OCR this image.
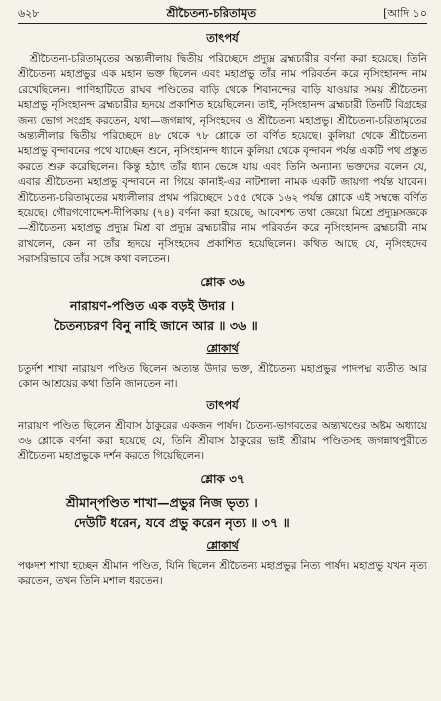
৬২৮	শ্রীচৈতন্য-চরিতামৃত	[আদি ১০
তাৎপর্য

শ্রীচৈতন্য-চরিতামৃতের অন্ত্যলীলায় দ্বিতীয় পরিচ্ছেদে প্রদ্যুম্ন ব্রহ্মচারীর বর্ণনা করা হয়েছে। তিনি শ্রীচৈতন্য মহাপ্রভুর এক মহান ভক্ত ছিলেন এবং মহাপ্রভু তাঁর নাম পরিবর্তন করে নৃসিংহানন্দ নাম রেখেছিলেন। পাণিহাটিতে রাঘব পণ্ডিতের বাড়ি থেকে শিবানন্দের বাড়ি যাওয়ার সময় শ্রীচৈতন্য মহাপ্রভু নৃসিংহানন্দ ব্রহ্মচারীর হৃদয়ে প্রকাশিত হয়েছিলেন। তাই, নৃসিংহানন্দ ব্রহ্মচারী তিনটি বিগ্রহের জন্য ভোগ সংগ্রহ করতেন, যথা—জগন্নাথ, নৃসিংহদেব ও শ্রীচৈতন্য মহাপ্রভু। শ্রীচৈতন্য-চরিতামৃতের অন্ত্যলীলার দ্বিতীয় পরিচ্ছেদে ৪৮ থেকে ৭৮ শ্লোকে তা বর্ণিত হয়েছে। কুলিয়া থেকে শ্রীচৈতন্য মহাপ্রভু বৃন্দাবনের পথে যাচ্ছেন শুনে, নৃসিংহানন্দ ধ্যানে কুলিয়া থেকে বৃন্দাবন পর্যন্ত একটি পথ প্রস্তুত করতে শুরু করেছিলেন। কিন্তু হঠাৎ তাঁর ধ্যান ভেঙ্গে যায় এবং তিনি অন্যান্য ভক্তদের বলেন যে, এবার শ্রীচৈতন্য মহাপ্রভু বৃন্দাবনে না গিয়ে কানাই-এর নাটশালা নামক একটি জায়গা পর্যন্ত যাবেন। শ্রীচৈতন্য-চরিতামৃতের মধ্যলীলার প্রথম পরিচ্ছেদে ১৫৫ থেকে ১৬২ পর্যন্ত শ্লোকে এই সম্বন্ধে বর্ণিত হয়েছে। গৌরগণোদ্দেশ-দীপিকায় (৭৪) বর্ণনা করা হয়েছে, আবেশশ্চ তথা জ্ঞেয়ো মিশ্রে প্রদ্যুম্নসজ্ঞকে—শ্রীচৈতন্য মহাপ্রভু প্রদ্যুম্ন মিশ্র বা প্রদ্যুম্ন ব্রহ্মচারীর নাম পরিবর্তন করে নৃসিংহানন্দ ব্রহ্মচারী নাম রাখলেন, কেন না তাঁর হৃদয়ে নৃসিংহদেব প্রকাশিত হয়েছিলেন। কথিত আছে যে, নৃসিংহদেব সরাসরিভাবে তাঁর সঙ্গে কথা বলতেন।

শ্লোক ৩৬
নারায়ণ-পণ্ডিত এক বড়ই উদার ।
চৈতন্যচরণ বিনু নাহি জানে আর ॥ ৩৬ ॥
শ্লোকার্থ

চতুর্দশ শাখা নারায়ণ পণ্ডিত ছিলেন অত্যন্ত উদার ভক্ত, শ্রীচৈতন্য মহাপ্রভুর পাদপদ্ম ব্যতীত আর কোন আশ্রয়ের কথা তিনি জানতেন না।

তাৎপর্য

নারায়ণ পণ্ডিত ছিলেন শ্রীবাস ঠাকুরের একজন পার্ষদ। চৈতন্য-ভাগবতের অন্ত্যখণ্ডের অষ্টম অধ্যায়ে ৩৬ শ্লোকে বর্ণনা করা হয়েছে যে, তিনি শ্রীবাস ঠাকুরের ভাই শ্রীরাম পণ্ডিতসহ জগন্নাথপুরীতে শ্রীচৈতন্য মহাপ্রভুকে দর্শন করতে গিয়েছিলেন।

শ্লোক ৩৭
শ্রীমান্‌পণ্ডিত শাখা—প্রভুর নিজ ভৃত্য ।
দেউটি ধরেন, যবে প্রভু করেন নৃত্য ॥ ৩৭ ॥
শ্লোকার্থ

পঞ্চদশ শাখা হচ্ছেন শ্রীমান পণ্ডিত, যিনি ছিলেন শ্রীচৈতন্য মহাপ্রভুর নিত্য পার্ষদ। মহাপ্রভু যখন নৃত্য করতেন, তখন তিনি মশাল ধরতেন।
